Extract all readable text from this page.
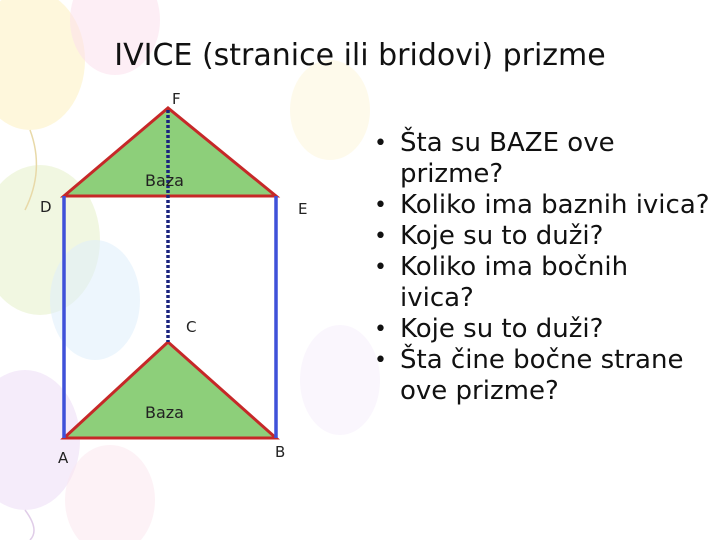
IVICE (stranice ili bridovi) prizme
F
D	E
C
A	B
Baza
Baza
• Šta su BAZE ove prizme?
• Koliko ima baznih ivica?
• Koje su to duži?
• Koliko ima bočnih ivica?
• Koje su to duži?
• Šta čine bočne strane ove prizme?
